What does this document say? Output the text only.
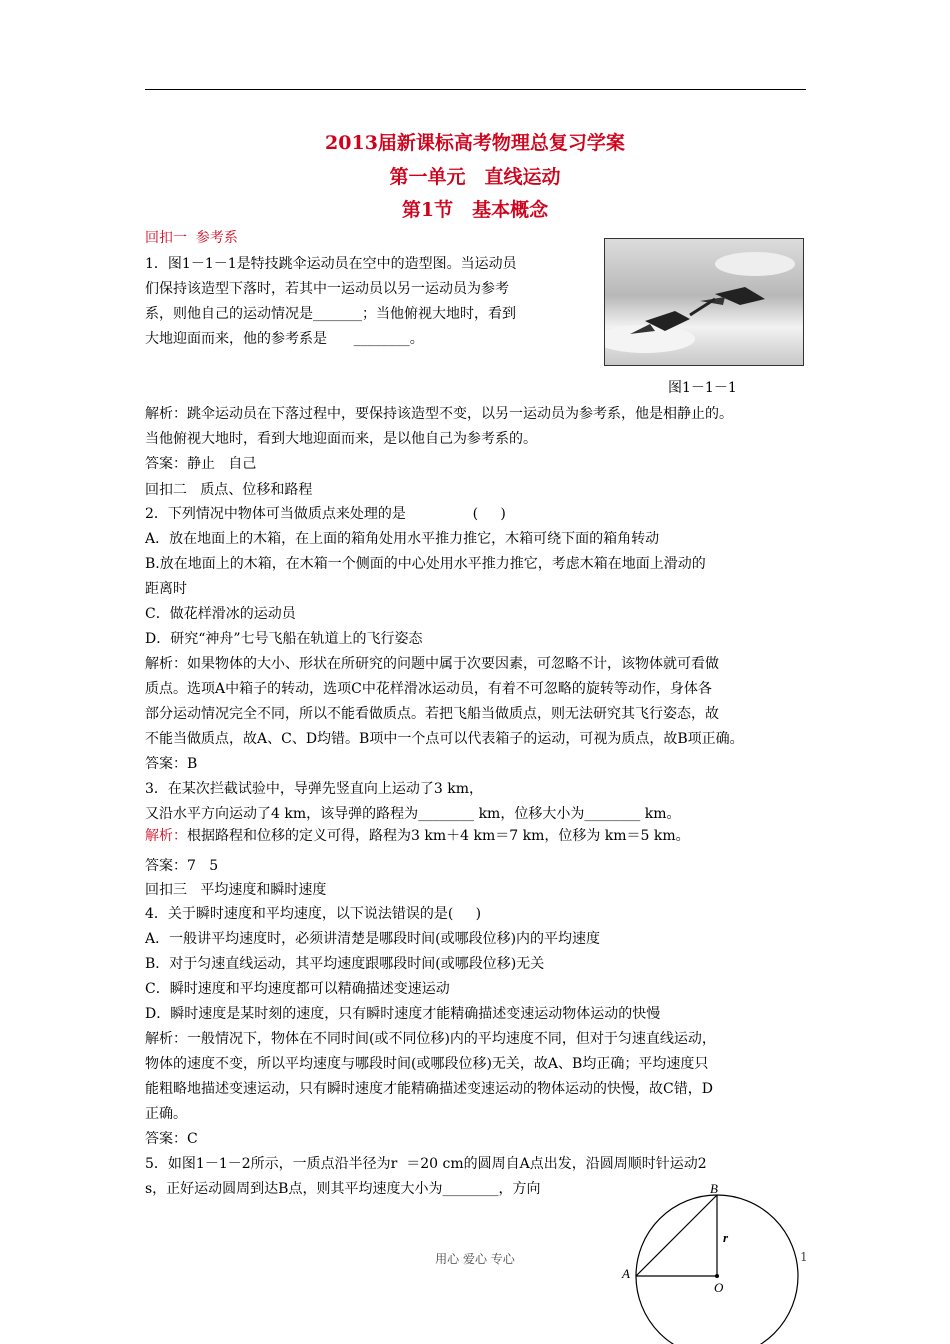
2013届新课标高考物理总复习学案
第一单元　直线运动
第1节　基本概念
回扣一  参考系
1．图1－1－1是特技跳伞运动员在空中的造型图。当运动员
们保持该造型下落时，若其中一运动员以另一运动员为参考
系，则他自己的运动情况是_______；当他俯视大地时，看到
大地迎面而来，他的参考系是      ________。
图1－1－1
解析：跳伞运动员在下落过程中，要保持该造型不变，以另一运动员为参考系，他是相静止的。
当他俯视大地时，看到大地迎面而来，是以他自己为参考系的。
答案：静止   自己
回扣二   质点、位移和路程
2．下列情况中物体可当做质点来处理的是               (     )
A．放在地面上的木箱，在上面的箱角处用水平推力推它，木箱可绕下面的箱角转动
B.放在地面上的木箱，在木箱一个侧面的中心处用水平推力推它，考虑木箱在地面上滑动的
距离时
C．做花样滑冰的运动员
D．研究“神舟”七号飞船在轨道上的飞行姿态
解析：如果物体的大小、形状在所研究的问题中属于次要因素，可忽略不计，该物体就可看做
质点。选项A中箱子的转动，选项C中花样滑冰运动员，有着不可忽略的旋转等动作，身体各
部分运动情况完全不同，所以不能看做质点。若把飞船当做质点，则无法研究其飞行姿态，故
不能当做质点，故A、C、D均错。B项中一个点可以代表箱子的运动，可视为质点，故B项正确。
答案：B
3．在某次拦截试验中，导弹先竖直向上运动了3 km，
又沿水平方向运动了4 km，该导弹的路程为________ km，位移大小为________ km。
解析：根据路程和位移的定义可得，路程为3 km＋4 km＝7 km，位移为 km＝5 km。
答案：7   5
回扣三   平均速度和瞬时速度
4．关于瞬时速度和平均速度，以下说法错误的是(     )
A．一般讲平均速度时，必须讲清楚是哪段时间(或哪段位移)内的平均速度
B．对于匀速直线运动，其平均速度跟哪段时间(或哪段位移)无关
C．瞬时速度和平均速度都可以精确描述变速运动
D．瞬时速度是某时刻的速度，只有瞬时速度才能精确描述变速运动物体运动的快慢
解析：一般情况下，物体在不同时间(或不同位移)内的平均速度不同，但对于匀速直线运动，
物体的速度不变，所以平均速度与哪段时间(或哪段位移)无关，故A、B均正确；平均速度只
能粗略地描述变速运动，只有瞬时速度才能精确描述变速运动的物体运动的快慢，故C错，D
正确。
答案：C
5．如图1－1－2所示，一质点沿半径为r  ＝20 cm的圆周自A点出发，沿圆周顺时针运动2
s，正好运动圆周到达B点，则其平均速度大小为________，方向	B
A
O
r
用心 爱心 专心	1
